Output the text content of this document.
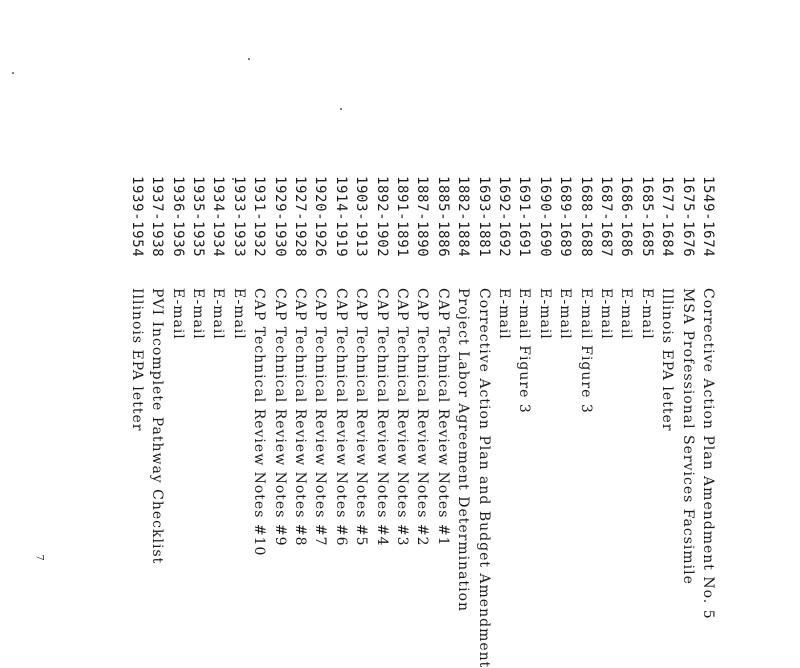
1549-1674
Corrective Action Plan Amendment No. 5
1675-1676
MSA Professional Services Facsimile
1677-1684
Illinois EPA letter
1685-1685
E-mail
1686-1686
E-mail
1687-1687
E-mail
1688-1688
E-mail Figure 3
1689-1689
E-mail
1690-1690
E-mail
1691-1691
E-mail Figure 3
1692-1692
E-mail
1693-1881
Corrective Action Plan and Budget Amendment
1882-1884
Project Labor Agreement Determination
1885-1886
CAP Technical Review Notes #1
1887-1890
CAP Technical Review Notes #2
1891-1891
CAP Technical Review Notes #3
1892-1902
CAP Technical Review Notes #4
1903-1913
CAP Technical Review Notes #5
1914-1919
CAP Technical Review Notes #6
1920-1926
CAP Technical Review Notes #7
1927-1928
CAP Technical Review Notes #8
1929-1930
CAP Technical Review Notes #9
1931-1932
CAP Technical Review Notes #10
1933-1933
E-mail
1934-1934
E-mail
1935-1935
E-mail
1936-1936
E-mail
1937-1938
PVI Incomplete Pathway Checklist
1939-1954
Illinois EPA letter
7
